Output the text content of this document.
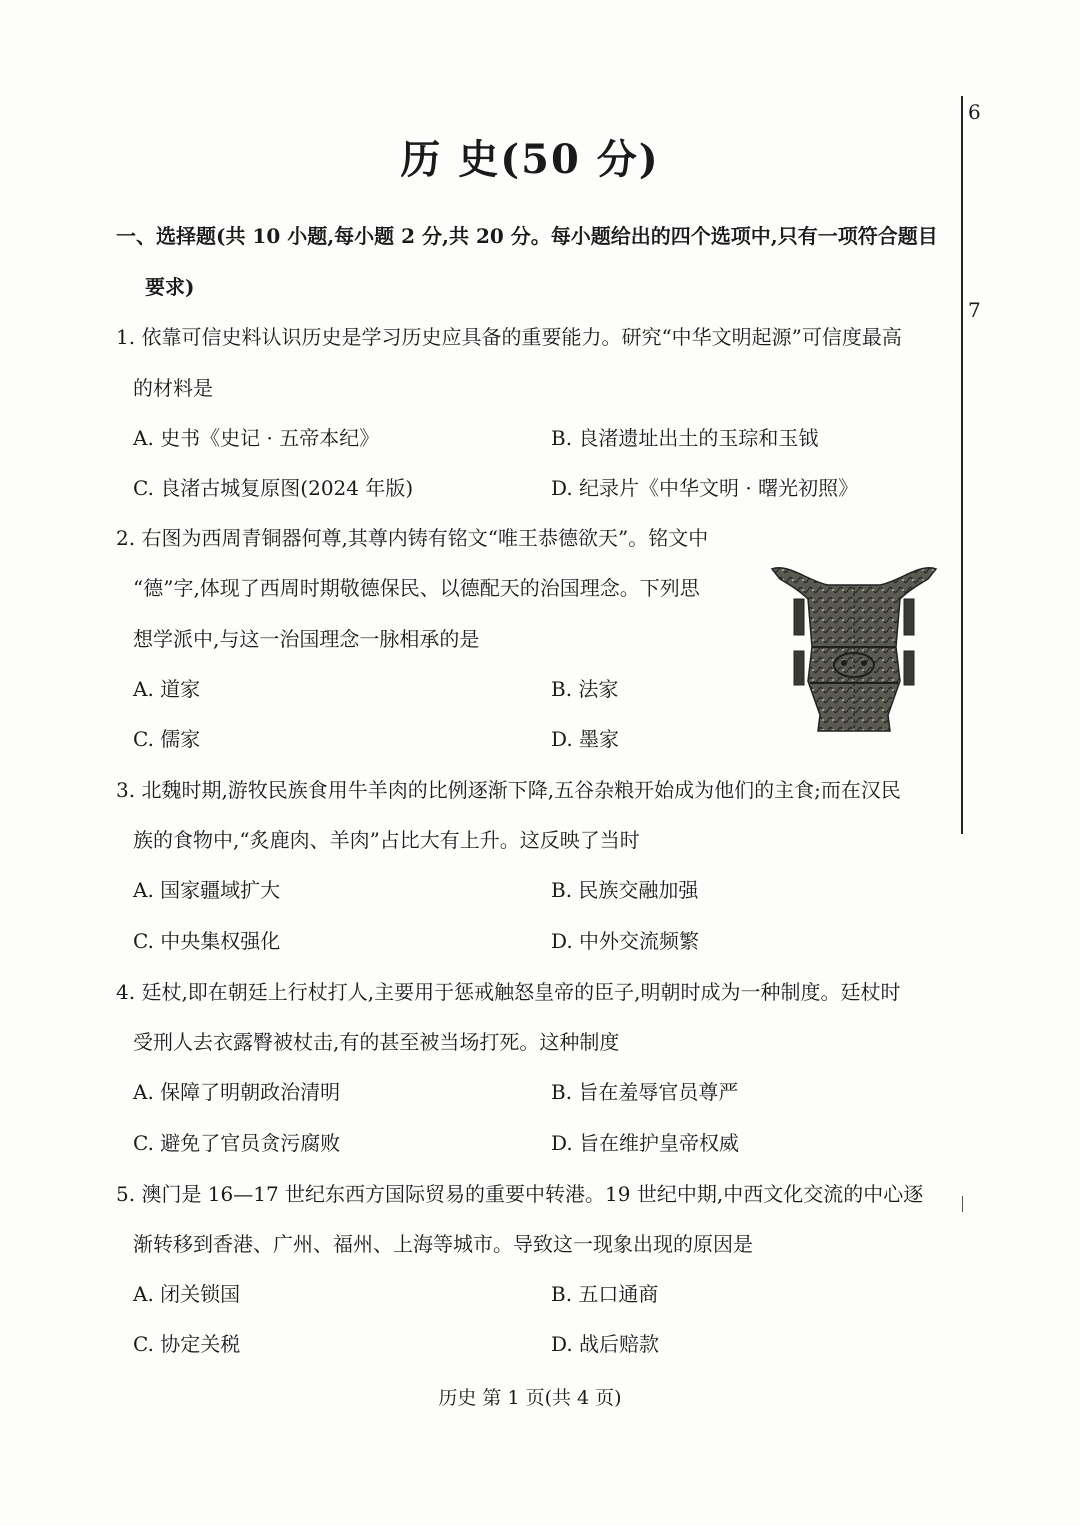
6
7
历 史(50 分)
一、选择题(共 10 小题,每小题 2 分,共 20 分。每小题给出的四个选项中,只有一项符合题目
要求)
1. 依靠可信史料认识历史是学习历史应具备的重要能力。研究“中华文明起源”可信度最高
的材料是
A. 史书《史记 · 五帝本纪》	B. 良渚遗址出土的玉琮和玉钺
C. 良渚古城复原图(2024 年版)	D. 纪录片《中华文明 · 曙光初照》
2. 右图为西周青铜器何尊,其尊内铸有铭文“唯王恭德欲天”。铭文中
“德”字,体现了西周时期敬德保民、以德配天的治国理念。下列思
想学派中,与这一治国理念一脉相承的是
A. 道家	B. 法家
C. 儒家	D. 墨家
3. 北魏时期,游牧民族食用牛羊肉的比例逐渐下降,五谷杂粮开始成为他们的主食;而在汉民
族的食物中,“炙鹿肉、羊肉”占比大有上升。这反映了当时
A. 国家疆域扩大	B. 民族交融加强
C. 中央集权强化	D. 中外交流频繁
4. 廷杖,即在朝廷上行杖打人,主要用于惩戒触怒皇帝的臣子,明朝时成为一种制度。廷杖时
受刑人去衣露臀被杖击,有的甚至被当场打死。这种制度
A. 保障了明朝政治清明	B. 旨在羞辱官员尊严
C. 避免了官员贪污腐败	D. 旨在维护皇帝权威
5. 澳门是 16—17 世纪东西方国际贸易的重要中转港。19 世纪中期,中西文化交流的中心逐
渐转移到香港、广州、福州、上海等城市。导致这一现象出现的原因是
A. 闭关锁国	B. 五口通商
C. 协定关税	D. 战后赔款
历史 第 1 页(共 4 页)
